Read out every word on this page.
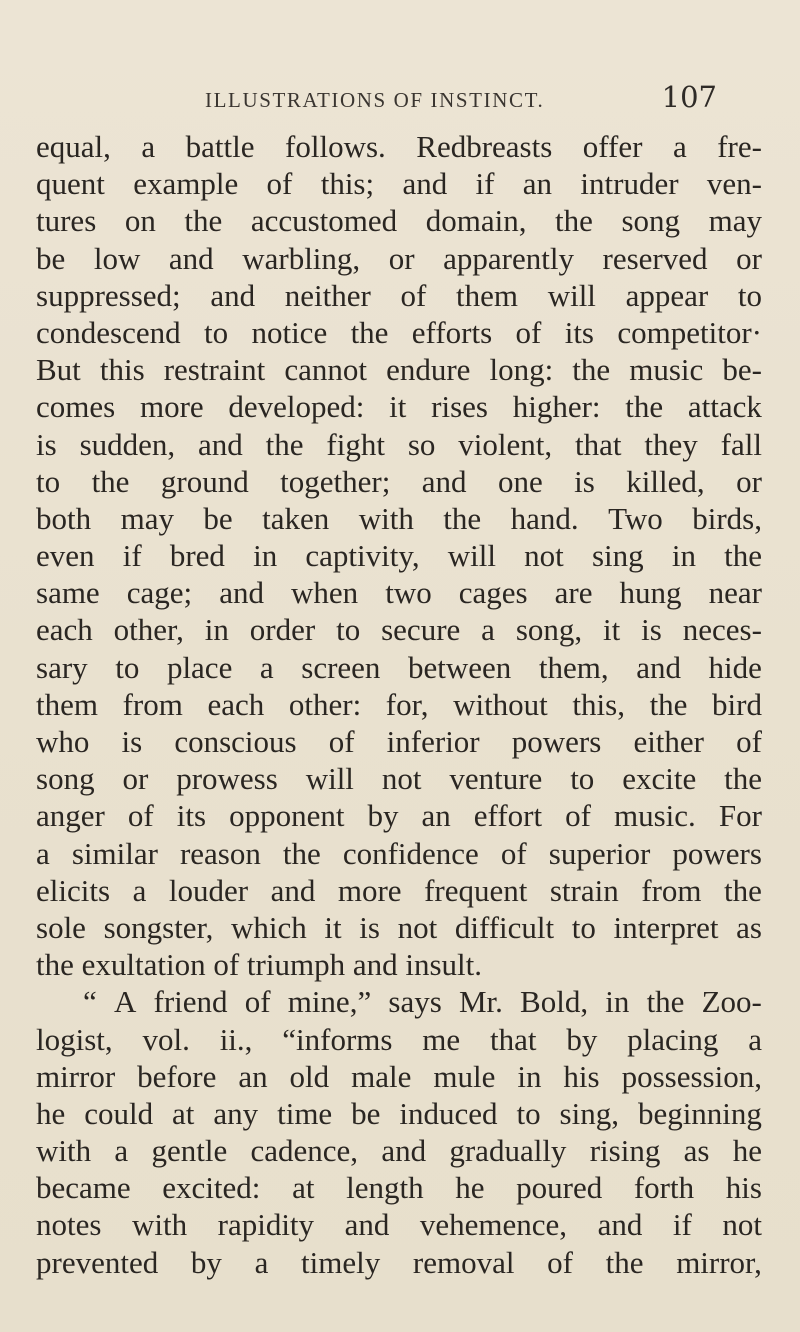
ILLUSTRATIONS OF INSTINCT.	107
equal, a battle follows. Redbreasts offer a fre-
quent example of this; and if an intruder ven-
tures on the accustomed domain, the song may
be low and warbling, or apparently reserved or
suppressed; and neither of them will appear to
condescend to notice the efforts of its competitor·
But this restraint cannot endure long: the music be-
comes more developed: it rises higher: the attack
is sudden, and the fight so violent, that they fall
to the ground together; and one is killed, or
both may be taken with the hand. Two birds,
even if bred in captivity, will not sing in the
same cage; and when two cages are hung near
each other, in order to secure a song, it is neces-
sary to place a screen between them, and hide
them from each other: for, without this, the bird
who is conscious of inferior powers either of
song or prowess will not venture to excite the
anger of its opponent by an effort of music. For
a similar reason the confidence of superior powers
elicits a louder and more frequent strain from the
sole songster, which it is not difficult to interpret as
the exultation of triumph and insult.
“ A friend of mine,” says Mr. Bold, in the Zoo-
logist, vol. ii., “informs me that by placing a
mirror before an old male mule in his possession,
he could at any time be induced to sing, beginning
with a gentle cadence, and gradually rising as he
became excited: at length he poured forth his
notes with rapidity and vehemence, and if not
prevented by a timely removal of the mirror,
